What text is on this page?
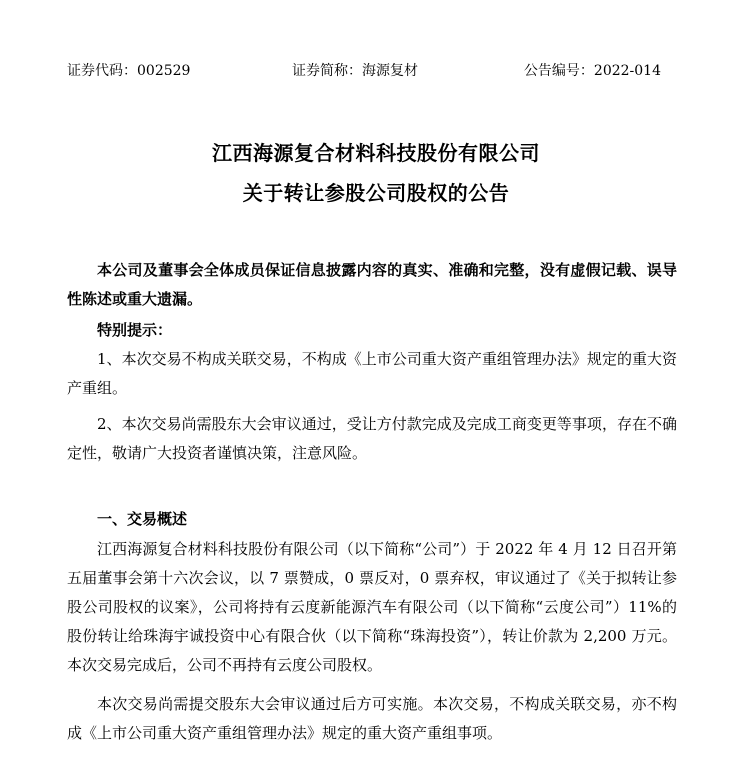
证券代码：002529	证券简称：海源复材	公告编号：2022-014
江西海源复合材料科技股份有限公司
关于转让参股公司股权的公告
本公司及董事会全体成员保证信息披露内容的真实、准确和完整，没有虚假记载、误导性陈述或重大遗漏。
特别提示：
1、本次交易不构成关联交易，不构成《上市公司重大资产重组管理办法》规定的重大资产重组。
2、本次交易尚需股东大会审议通过，受让方付款完成及完成工商变更等事项，存在不确定性，敬请广大投资者谨慎决策，注意风险。
一、交易概述
江西海源复合材料科技股份有限公司（以下简称“公司”）于 2022 年 4 月 12 日召开第五届董事会第十六次会议，以 7 票赞成，0 票反对，0 票弃权，审议通过了《关于拟转让参股公司股权的议案》，公司将持有云度新能源汽车有限公司（以下简称“云度公司”）11%的股份转让给珠海宇诚投资中心有限合伙（以下简称“珠海投资”），转让价款为 2,200 万元。本次交易完成后，公司不再持有云度公司股权。
本次交易尚需提交股东大会审议通过后方可实施。本次交易，不构成关联交易，亦不构成《上市公司重大资产重组管理办法》规定的重大资产重组事项。
